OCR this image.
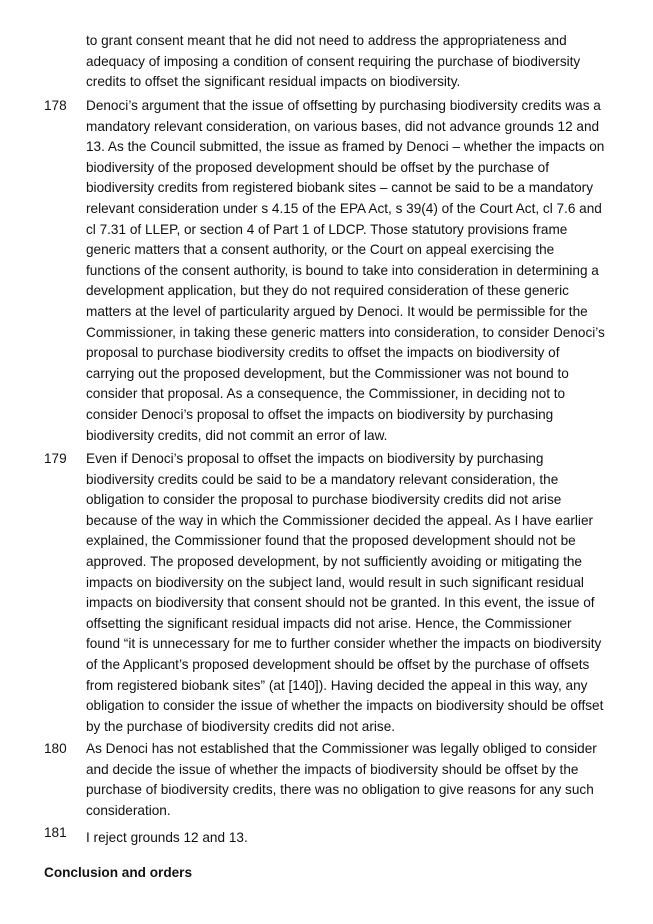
to grant consent meant that he did not need to address the appropriateness and adequacy of imposing a condition of consent requiring the purchase of biodiversity credits to offset the significant residual impacts on biodiversity.
178 Denoci’s argument that the issue of offsetting by purchasing biodiversity credits was a mandatory relevant consideration, on various bases, did not advance grounds 12 and 13. As the Council submitted, the issue as framed by Denoci – whether the impacts on biodiversity of the proposed development should be offset by the purchase of biodiversity credits from registered biobank sites – cannot be said to be a mandatory relevant consideration under s 4.15 of the EPA Act, s 39(4) of the Court Act, cl 7.6 and cl 7.31 of LLEP, or section 4 of Part 1 of LDCP. Those statutory provisions frame generic matters that a consent authority, or the Court on appeal exercising the functions of the consent authority, is bound to take into consideration in determining a development application, but they do not required consideration of these generic matters at the level of particularity argued by Denoci. It would be permissible for the Commissioner, in taking these generic matters into consideration, to consider Denoci’s proposal to purchase biodiversity credits to offset the impacts on biodiversity of carrying out the proposed development, but the Commissioner was not bound to consider that proposal. As a consequence, the Commissioner, in deciding not to consider Denoci’s proposal to offset the impacts on biodiversity by purchasing biodiversity credits, did not commit an error of law.
179 Even if Denoci’s proposal to offset the impacts on biodiversity by purchasing biodiversity credits could be said to be a mandatory relevant consideration, the obligation to consider the proposal to purchase biodiversity credits did not arise because of the way in which the Commissioner decided the appeal. As I have earlier explained, the Commissioner found that the proposed development should not be approved. The proposed development, by not sufficiently avoiding or mitigating the impacts on biodiversity on the subject land, would result in such significant residual impacts on biodiversity that consent should not be granted. In this event, the issue of offsetting the significant residual impacts did not arise. Hence, the Commissioner found “it is unnecessary for me to further consider whether the impacts on biodiversity of the Applicant’s proposed development should be offset by the purchase of offsets from registered biobank sites” (at [140]). Having decided the appeal in this way, any obligation to consider the issue of whether the impacts on biodiversity should be offset by the purchase of biodiversity credits did not arise.
180 As Denoci has not established that the Commissioner was legally obliged to consider and decide the issue of whether the impacts of biodiversity should be offset by the purchase of biodiversity credits, there was no obligation to give reasons for any such consideration.
181 I reject grounds 12 and 13.
Conclusion and orders
